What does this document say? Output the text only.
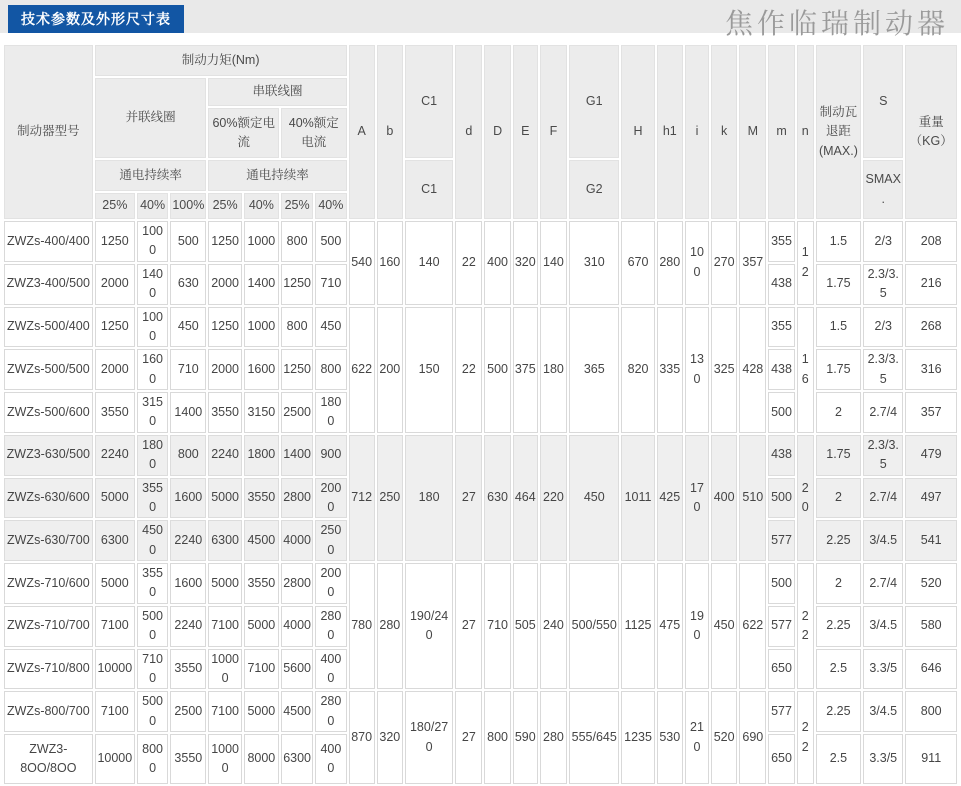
技术参数及外形尺寸表	焦作临瑞制动器
制动器型号	制动力矩(Nm)							A	b	C1	d	D	E	F	G1	H	h1	i	k	M	m	n	制动瓦退距(MAX.)	S	重量
（KG）

	并联线圈			串联线圈																					
				60%额定电流		40%额定电流																			
	通电持续率			通电持续率						C1					G2									SMAX.	
	25%	40%	100%	25%	40%	25%	40%																		
ZWZs-400/400	1250	1000	500	1250	1000	800	500	540	160	140	22	400	320	140	310	670	280	100	270	357	355	12	1.5	2/3	208
ZWZ3-400/500	2000	1400	630	2000	1400	1250	710														438		1.75	2.3/3.5	216
ZWZs-500/400	1250	1000	450	1250	1000	800	450	622	200	150	22	500	375	180	365	820	335	130	325	428	355	16	1.5	2/3	268
ZWZs-500/500	2000	1600	710	2000	1600	1250	800														438		1.75	2.3/3.5	316
ZWZs-500/600	3550	3150	1400	3550	3150	2500	1800														500		2	2.7/4	357
ZWZ3-630/500	2240	1800	800	2240	1800	1400	900	712	250	180	27	630	464	220	450	1011	425	170	400	510	438	20	1.75	2.3/3.5	479
ZWZs-630/600	5000	3550	1600	5000	3550	2800	2000														500		2	2.7/4	497
ZWZs-630/700	6300	4500	2240	6300	4500	4000	2500														577		2.25	3/4.5	541
ZWZs-710/600	5000	3550	1600	5000	3550	2800	2000	780	280	190/240	27	710	505	240	500/550	1125	475	190	450	622	500	22	2	2.7/4	520
ZWZs-710/700	7100	5000	2240	7100	5000	4000	2800														577		2.25	3/4.5	580
ZWZs-710/800	10000	7100	3550	10000	7100	5600	4000														650		2.5	3.3/5	646
ZWZs-800/700	7100	5000	2500	7100	5000	4500	2800	870	320	180/270	27	800	590	280	555/645	1235	530	210	520	690	577	22	2.25	3/4.5	800
ZWZ3-8OO/8OO	10000	8000	3550	10000	8000	6300	4000														650		2.5	3.3/5	911
